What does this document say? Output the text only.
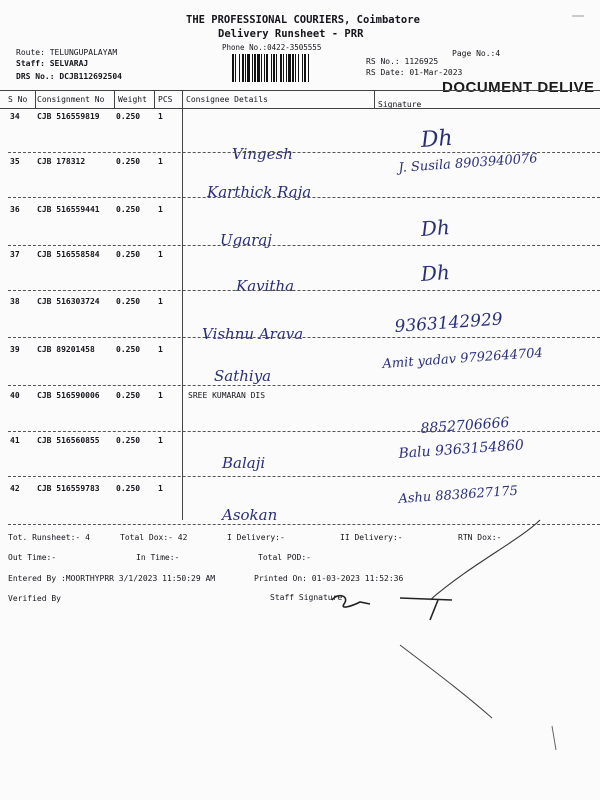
THE PROFESSIONAL COURIERS, Coimbatore
Delivery Runsheet - PRR
Phone No.:0422-3505555
Route: TELUNGUPALAYAM
Staff: SELVARAJ
DRS No.: DCJB112692504
Page No.:4
RS No.: 1126925
RS Date: 01-Mar-2023
DOCUMENT DELIVE
S No Consignment No Weight PCS Consignee Details
Signature
34 CJB 516559819 0.250 1
Vingesh
Dh
35 CJB 178312	0.250 1
Karthick Raja
J. Susila 8903940076
36 CJB 516559441 0.250 1
Ugaraj	Dh
37 CJB 516558584 0.250 1
Kavitha
Dh
38 CJB 516303724 0.250 1
Vishnu Arava	9363142929
39 CJB 89201458	0.250 1
Sathiya
Amit yadav 9792644704
40 CJB 516590006 0.250 1	SREE KUMARAN DIS
8852706666
41 CJB 516560855 0.250 1
Balaji
Balu 9363154860
42 CJB 516559783 0.250 1
Asokan
Ashu 8838627175
Tot. Runsheet:- 4	Total Dox:- 42	I Delivery:-	II Delivery:-	RTN Dox:-
Out Time:-	In Time:-	Total POD:-
Entered By :MOORTHYPRR 3/1/2023 11:50:29 AM	Printed On: 01-03-2023 11:52:36
Verified By	Staff Signature
